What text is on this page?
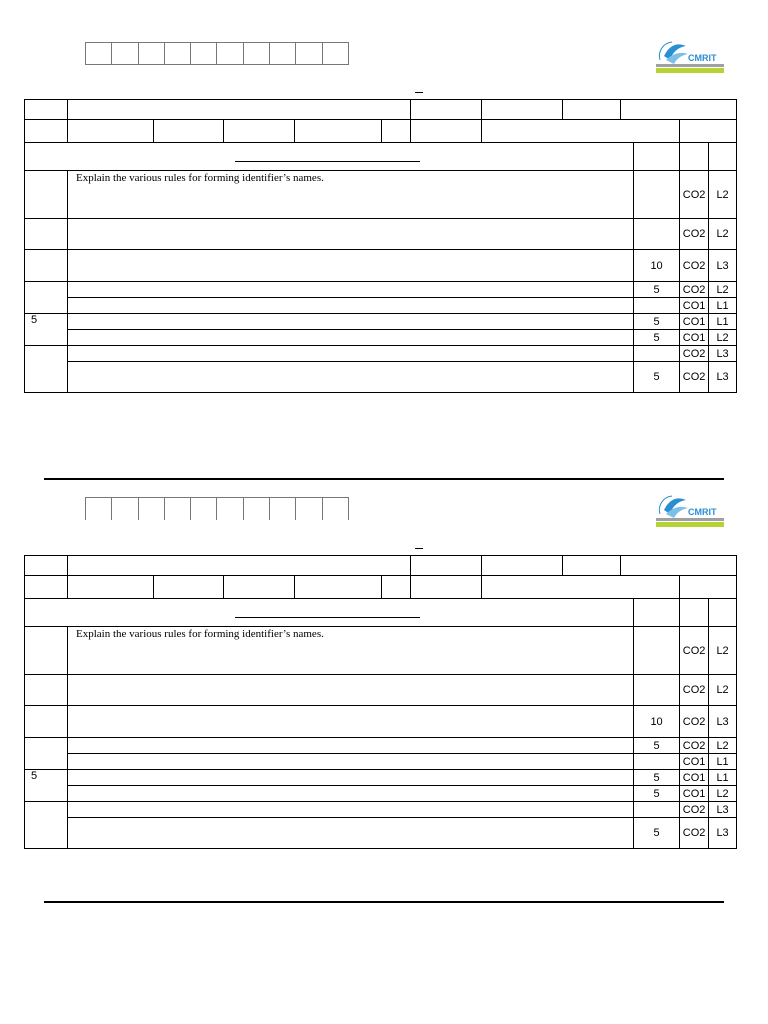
CMRIT

	Explain the various rules for forming identifier’s names.										CO2	L2
											CO2	L2
										10	CO2	L3
										5	CO2	L2
											CO1	L1
5										5	CO1	L1
										5	CO1	L2
											CO2	L3
										5	CO2	L3
CMRIT

	Explain the various rules for forming identifier’s names.										CO2	L2
											CO2	L2
										10	CO2	L3
										5	CO2	L2
											CO1	L1
5										5	CO1	L1
										5	CO1	L2
											CO2	L3
										5	CO2	L3
